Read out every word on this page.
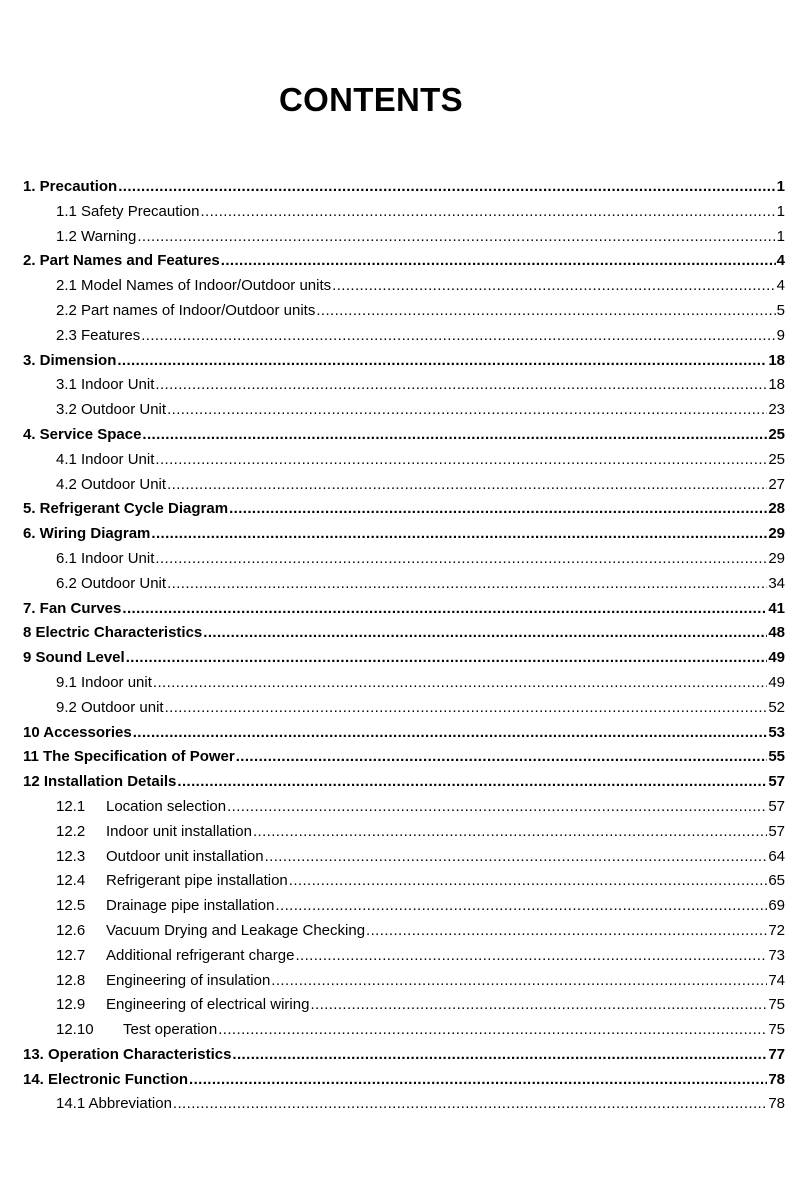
CONTENTS
1. Precaution .....	1
1.1 Safety Precaution .....	1
1.2 Warning .....	1
2. Part Names and Features .....	4
2.1 Model Names of Indoor/Outdoor units .....	4
2.2 Part names of Indoor/Outdoor units .....	5
2.3 Features .....	9
3. Dimension .....	18
3.1 Indoor Unit .....	18
3.2 Outdoor Unit .....	23
4. Service Space .....	25
4.1 Indoor Unit .....	25
4.2 Outdoor Unit .....	27
5. Refrigerant Cycle Diagram .....	28
6. Wiring Diagram .....	29
6.1 Indoor Unit .....	29
6.2 Outdoor Unit .....	34
7. Fan Curves .....	41
8 Electric Characteristics .....	48
9 Sound Level .....	49
9.1 Indoor unit .....	49
9.2 Outdoor unit .....	52
10 Accessories .....	53
11 The Specification of Power .....	55
12 Installation Details .....	57
12.1 Location selection .....	57
12.2 Indoor unit installation .....	57
12.3 Outdoor unit installation .....	64
12.4 Refrigerant pipe installation .....	65
12.5 Drainage pipe installation .....	69
12.6 Vacuum Drying and Leakage Checking .....	72
12.7 Additional refrigerant charge .....	73
12.8 Engineering of insulation .....	74
12.9 Engineering of electrical wiring .....	75
12.10 Test operation .....	75
13. Operation Characteristics .....	77
14. Electronic Function .....	78
14.1 Abbreviation .....	78
